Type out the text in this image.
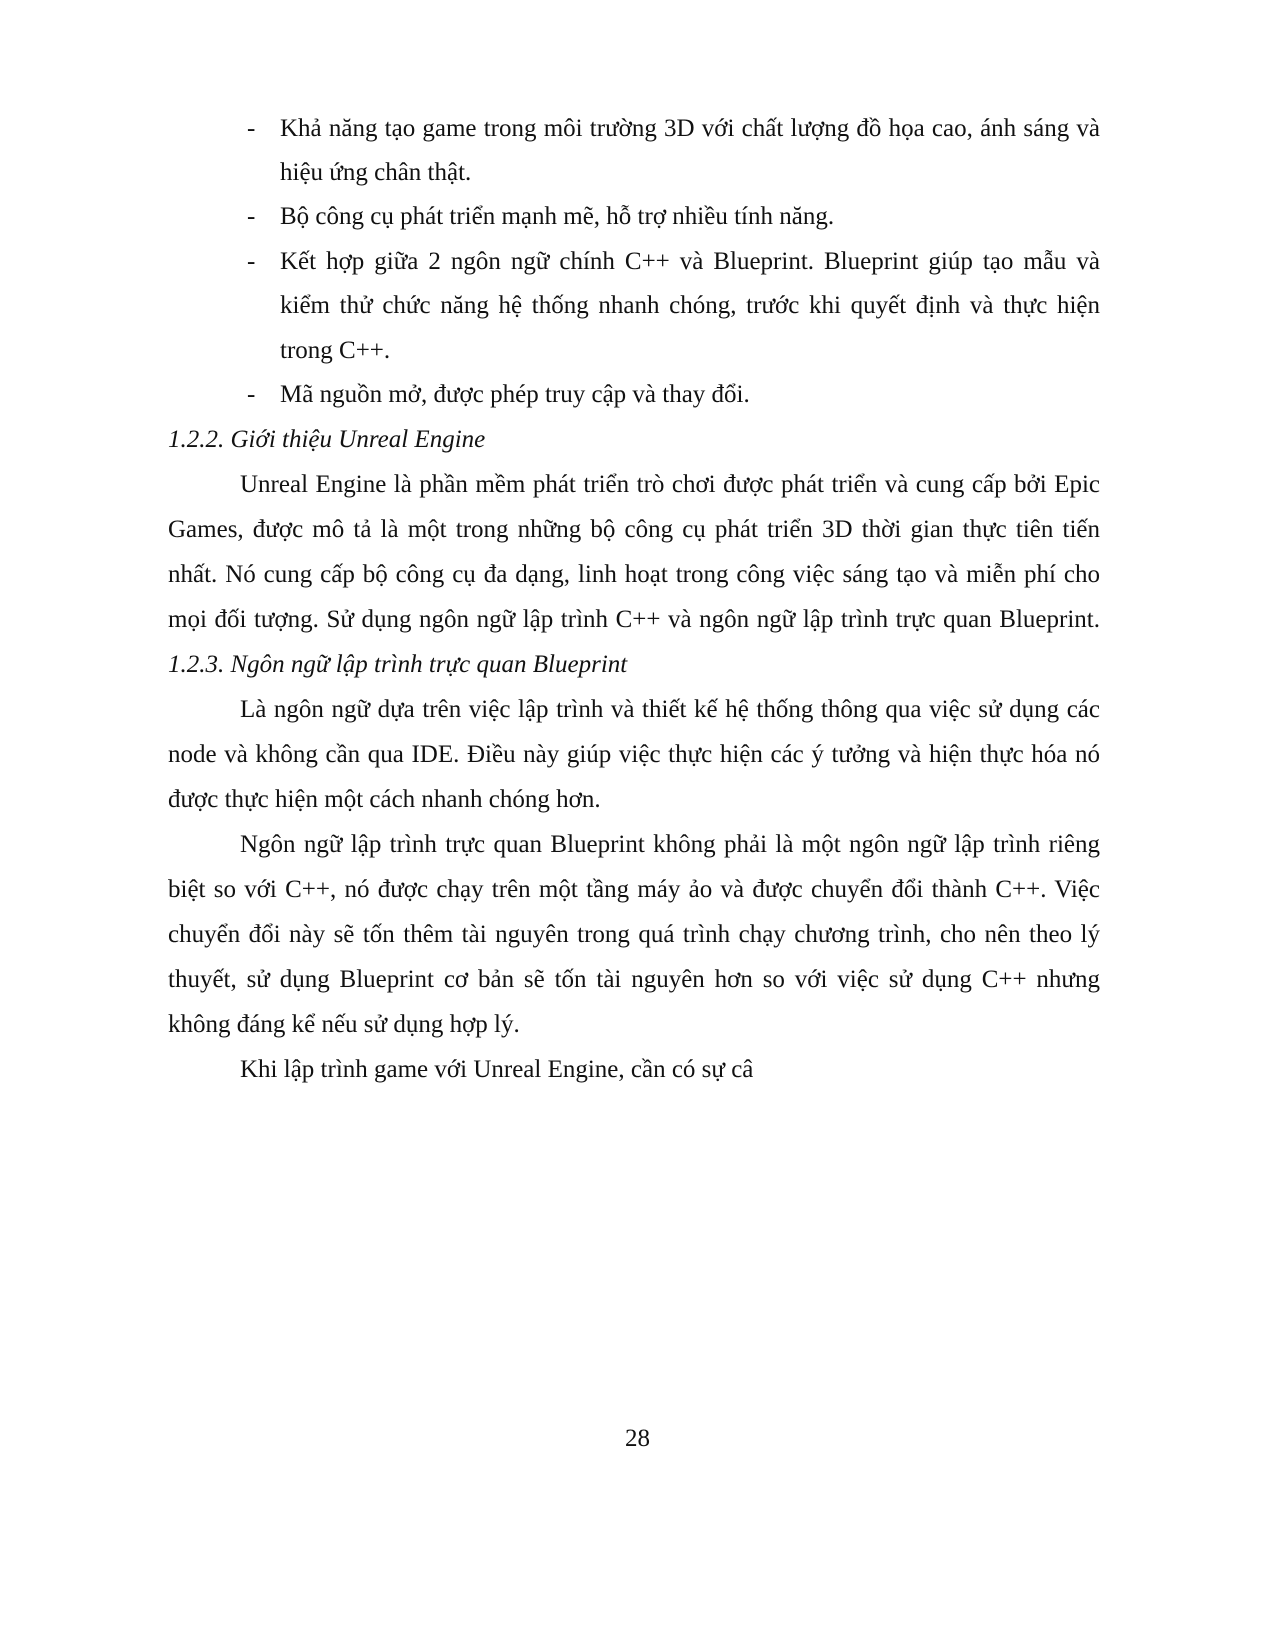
- Khả năng tạo game trong môi trường 3D với chất lượng đồ họa cao, ánh sáng và
hiệu ứng chân thật.
- Bộ công cụ phát triển mạnh mẽ, hỗ trợ nhiều tính năng.
- Kết hợp giữa 2 ngôn ngữ chính C++ và Blueprint. Blueprint giúp tạo mẫu và
kiểm thử chức năng hệ thống nhanh chóng, trước khi quyết định và thực hiện
trong C++.
- Mã nguồn mở, được phép truy cập và thay đổi.
1.2.2. Giới thiệu Unreal Engine
Unreal Engine là phần mềm phát triển trò chơi được phát triển và cung cấp bởi Epic
Games, được mô tả là một trong những bộ công cụ phát triển 3D thời gian thực tiên tiến
nhất. Nó cung cấp bộ công cụ đa dạng, linh hoạt trong công việc sáng tạo và miễn phí cho
mọi đối tượng. Sử dụng ngôn ngữ lập trình C++ và ngôn ngữ lập trình trực quan Blueprint.
1.2.3. Ngôn ngữ lập trình trực quan Blueprint
Là ngôn ngữ dựa trên việc lập trình và thiết kế hệ thống thông qua việc sử dụng các
node và không cần qua IDE. Điều này giúp việc thực hiện các ý tưởng và hiện thực hóa nó
được thực hiện một cách nhanh chóng hơn.
Ngôn ngữ lập trình trực quan Blueprint không phải là một ngôn ngữ lập trình riêng
biệt so với C++, nó được chạy trên một tầng máy ảo và được chuyển đổi thành C++. Việc
chuyển đổi này sẽ tốn thêm tài nguyên trong quá trình chạy chương trình, cho nên theo lý
thuyết, sử dụng Blueprint cơ bản sẽ tốn tài nguyên hơn so với việc sử dụng C++ nhưng
không đáng kể nếu sử dụng hợp lý.
Khi lập trình game với Unreal Engine, cần có sự câ
28
